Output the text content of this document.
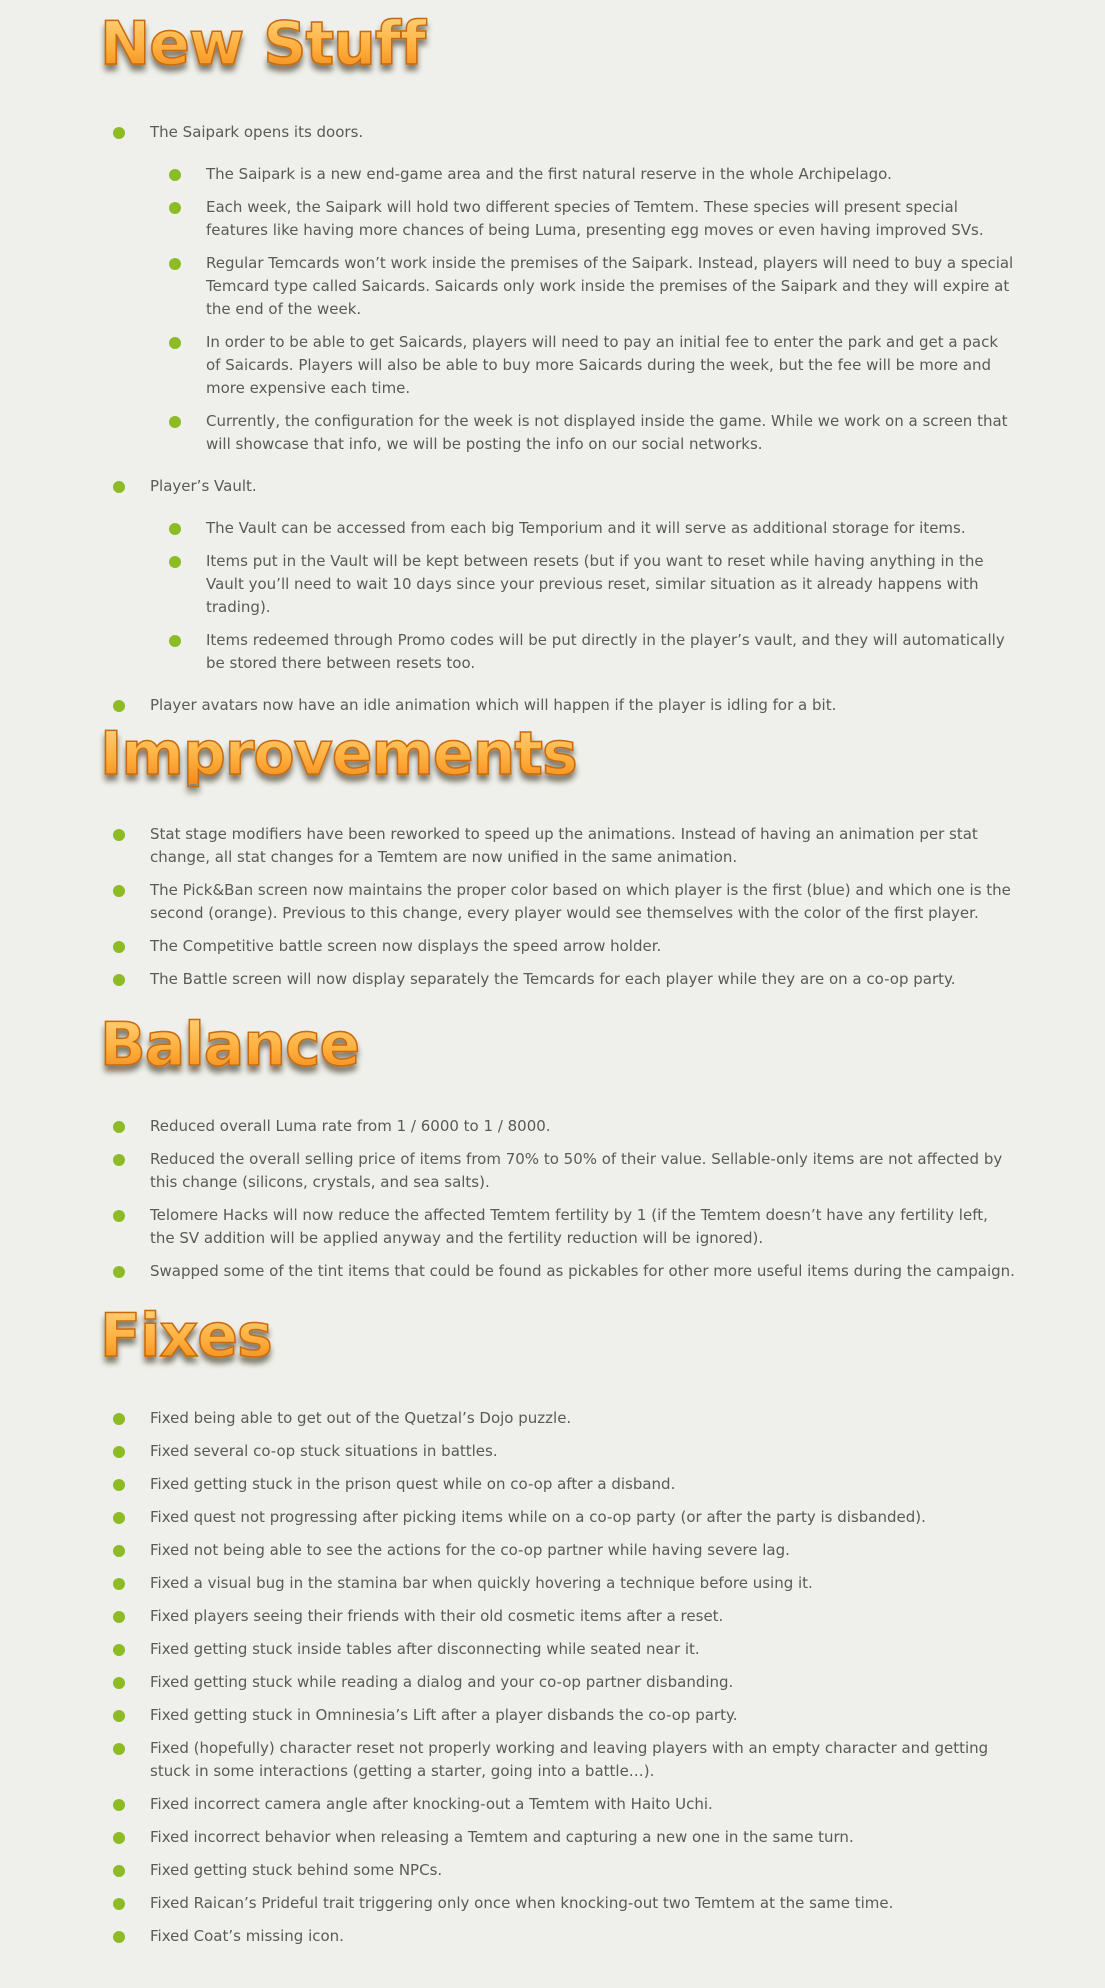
New Stuff
The Saipark opens its doors.
The Saipark is a new end-game area and the first natural reserve in the whole Archipelago.
Each week, the Saipark will hold two different species of Temtem. These species will present special features like having more chances of being Luma, presenting egg moves or even having improved SVs.
Regular Temcards won’t work inside the premises of the Saipark. Instead, players will need to buy a special Temcard type called Saicards. Saicards only work inside the premises of the Saipark and they will expire at the end of the week.
In order to be able to get Saicards, players will need to pay an initial fee to enter the park and get a pack of Saicards. Players will also be able to buy more Saicards during the week, but the fee will be more and more expensive each time.
Currently, the configuration for the week is not displayed inside the game. While we work on a screen that will showcase that info, we will be posting the info on our social networks.
Player’s Vault.
The Vault can be accessed from each big Temporium and it will serve as additional storage for items.
Items put in the Vault will be kept between resets (but if you want to reset while having anything in the Vault you’ll need to wait 10 days since your previous reset, similar situation as it already happens with trading).
Items redeemed through Promo codes will be put directly in the player’s vault, and they will automatically be stored there between resets too.
Player avatars now have an idle animation which will happen if the player is idling for a bit.
Improvements
Stat stage modifiers have been reworked to speed up the animations. Instead of having an animation per stat change, all stat changes for a Temtem are now unified in the same animation.
The Pick&Ban screen now maintains the proper color based on which player is the first (blue) and which one is the second (orange). Previous to this change, every player would see themselves with the color of the first player.
The Competitive battle screen now displays the speed arrow holder.
The Battle screen will now display separately the Temcards for each player while they are on a co-op party.
Balance
Reduced overall Luma rate from 1 / 6000 to 1 / 8000.
Reduced the overall selling price of items from 70% to 50% of their value. Sellable-only items are not affected by this change (silicons, crystals, and sea salts).
Telomere Hacks will now reduce the affected Temtem fertility by 1 (if the Temtem doesn’t have any fertility left, the SV addition will be applied anyway and the fertility reduction will be ignored).
Swapped some of the tint items that could be found as pickables for other more useful items during the campaign.
Fixes
Fixed being able to get out of the Quetzal’s Dojo puzzle.
Fixed several co-op stuck situations in battles.
Fixed getting stuck in the prison quest while on co-op after a disband.
Fixed quest not progressing after picking items while on a co-op party (or after the party is disbanded).
Fixed not being able to see the actions for the co-op partner while having severe lag.
Fixed a visual bug in the stamina bar when quickly hovering a technique before using it.
Fixed players seeing their friends with their old cosmetic items after a reset.
Fixed getting stuck inside tables after disconnecting while seated near it.
Fixed getting stuck while reading a dialog and your co-op partner disbanding.
Fixed getting stuck in Omninesia’s Lift after a player disbands the co-op party.
Fixed (hopefully) character reset not properly working and leaving players with an empty character and getting stuck in some interactions (getting a starter, going into a battle…).
Fixed incorrect camera angle after knocking-out a Temtem with Haito Uchi.
Fixed incorrect behavior when releasing a Temtem and capturing a new one in the same turn.
Fixed getting stuck behind some NPCs.
Fixed Raican’s Prideful trait triggering only once when knocking-out two Temtem at the same time.
Fixed Coat’s missing icon.
